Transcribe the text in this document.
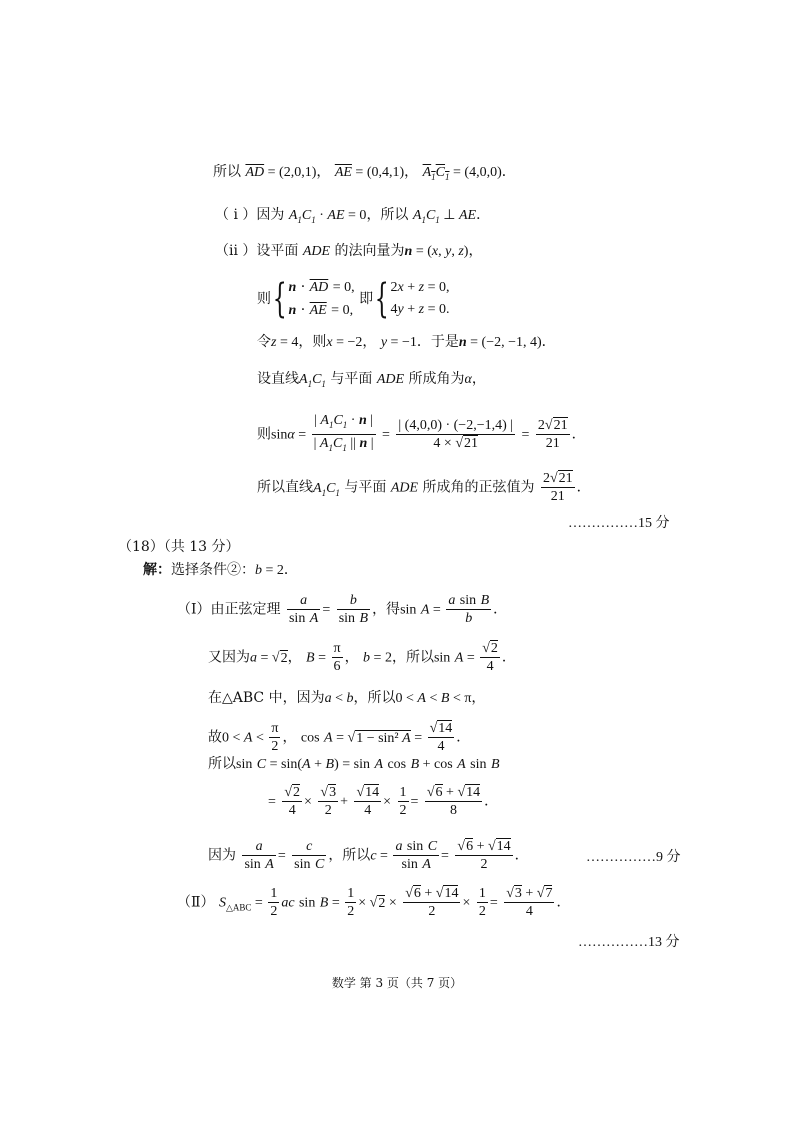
所以 $\overline{AD} = (2,0,1)$， $\overline{AE} = (0,4,1)$， $A_1C_1 = (4,0,0)$．
（ i ）因为 $A_1C_1$ · AE = 0，所以 $A_1C_1$ ⊥ AE．
（ii ）设平面 ADE 的法向量为n = (x, y, z)，
则{ $n \cdot \overline{AD} = 0$,
$n \cdot \overline{AE} = 0$,
即{ 2x + z = 0,
4y + z = 0.
令z = 4，则x = −2， y = −1．于是n = (−2, −1, 4)．
设直线$A_1C_1$ 与平面 ADE 所成角为α，
则$\sin\alpha = \frac{| A_1C_1 \cdot n |}{| A_1C_1 || n |} = \frac{| (4,0,0) \cdot (-2,-1,4) |}{4 \times √21} = \frac{2√21}{21}$ ．
所以直线$A_1C_1$ 与平面 ADE 所成角的正弦值为 $\frac{2√21}{21}$ ．
……………15 分
（18）（共 13 分）
解：选择条件②：b = 2．
（Ⅰ）由正弦定理 $\frac{a}{\text{sin A}} = \frac{b}{\text{sin B}}$ ，得$\sin A = \frac{\text{a sin B}}{b}$ ．
又因为a = √2， $B = \frac{\pi}{6}$ ， b = 2，所以$\sin A = \frac{√2}{4}$ ．
在△ABC 中，因为a < b，所以0 < A < B < π，
故$0 < A < \frac{\pi}{2}$ ， cos A = √1 − sin² $A = \frac{√14}{4}$ ．
所以sin C = sin(A + B) = sin A cos B + cos A sin B
= $\frac{√2}{4} \times \frac{√3}{2} + \frac{√14}{4} \times \frac{1}{2} = \frac{√6 + √14}{8}$ ．
因为 $\frac{a}{\text{sin A}} = \frac{c}{\text{sin C}}$ ，所以$c = \frac{\text{a sin C}}{\text{sin A}} = \frac{√6 + √14}{2}$ ．	……………9 分
（Ⅱ） $S_{\triangle ABC} = \frac{1}{2}$ ac $\sin B = \frac{1}{2} \times √2 \times \frac{√6 + √14}{2} \times \frac{1}{2} = \frac{√3 + √7}{4}$ ．
……………13 分
数学 第 3 页（共 7 页）
